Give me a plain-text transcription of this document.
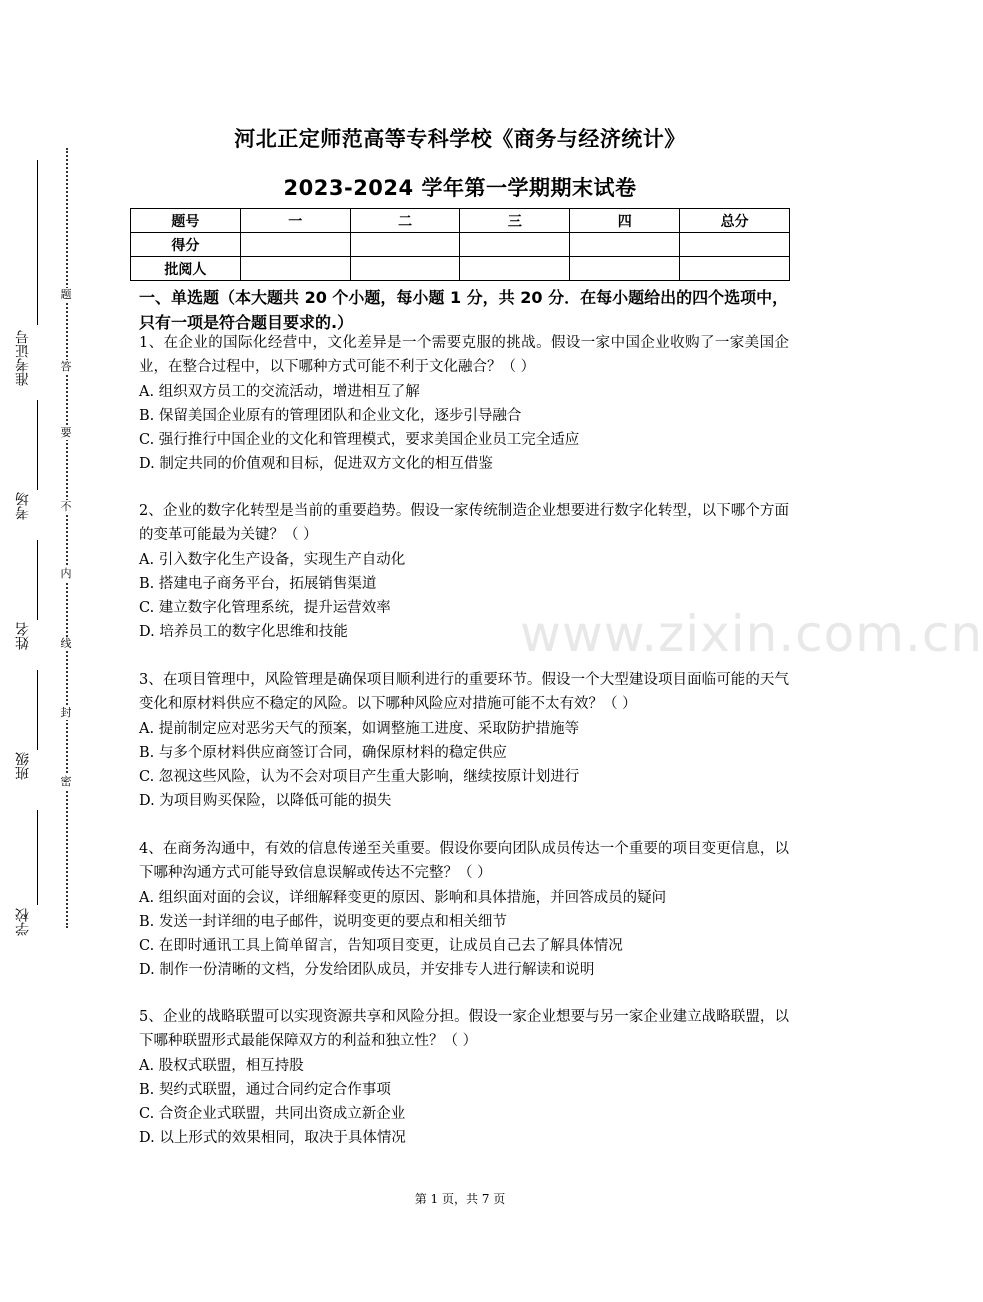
题
答
要
不
内
线
封
密
准考证号
考场
姓名
班级
学校
河北正定师范高等专科学校《商务与经济统计》
2023-2024 学年第一学期期末试卷
题号	一	二	三	四	总分
得分					
批阅人					
一、单选题（本大题共 20 个小题，每小题 1 分，共 20 分．在每小题给出的四个选项中，只有一项是符合题目要求的.）

1、在企业的国际化经营中，文化差异是一个需要克服的挑战。假设一家中国企业收购了一家美国企业，在整合过程中，以下哪种方式可能不利于文化融合？（ ）

A. 组织双方员工的交流活动，增进相互了解

B. 保留美国企业原有的管理团队和企业文化，逐步引导融合

C. 强行推行中国企业的文化和管理模式，要求美国企业员工完全适应

D. 制定共同的价值观和目标，促进双方文化的相互借鉴

2、企业的数字化转型是当前的重要趋势。假设一家传统制造企业想要进行数字化转型，以下哪个方面的变革可能最为关键？（ ）

A. 引入数字化生产设备，实现生产自动化

B. 搭建电子商务平台，拓展销售渠道

C. 建立数字化管理系统，提升运营效率

D. 培养员工的数字化思维和技能

3、在项目管理中，风险管理是确保项目顺利进行的重要环节。假设一个大型建设项目面临可能的天气变化和原材料供应不稳定的风险。以下哪种风险应对措施可能不太有效？（ ）

A. 提前制定应对恶劣天气的预案，如调整施工进度、采取防护措施等

B. 与多个原材料供应商签订合同，确保原材料的稳定供应

C. 忽视这些风险，认为不会对项目产生重大影响，继续按原计划进行

D. 为项目购买保险，以降低可能的损失

4、在商务沟通中，有效的信息传递至关重要。假设你要向团队成员传达一个重要的项目变更信息，以下哪种沟通方式可能导致信息误解或传达不完整？（ ）

A. 组织面对面的会议，详细解释变更的原因、影响和具体措施，并回答成员的疑问

B. 发送一封详细的电子邮件，说明变更的要点和相关细节

C. 在即时通讯工具上简单留言，告知项目变更，让成员自己去了解具体情况

D. 制作一份清晰的文档，分发给团队成员，并安排专人进行解读和说明

5、企业的战略联盟可以实现资源共享和风险分担。假设一家企业想要与另一家企业建立战略联盟，以下哪种联盟形式最能保障双方的利益和独立性？（ ）

A. 股权式联盟，相互持股

B. 契约式联盟，通过合同约定合作事项

C. 合资企业式联盟，共同出资成立新企业

D. 以上形式的效果相同，取决于具体情况

www.zixin.com.cn
第 1 页，共 7 页
